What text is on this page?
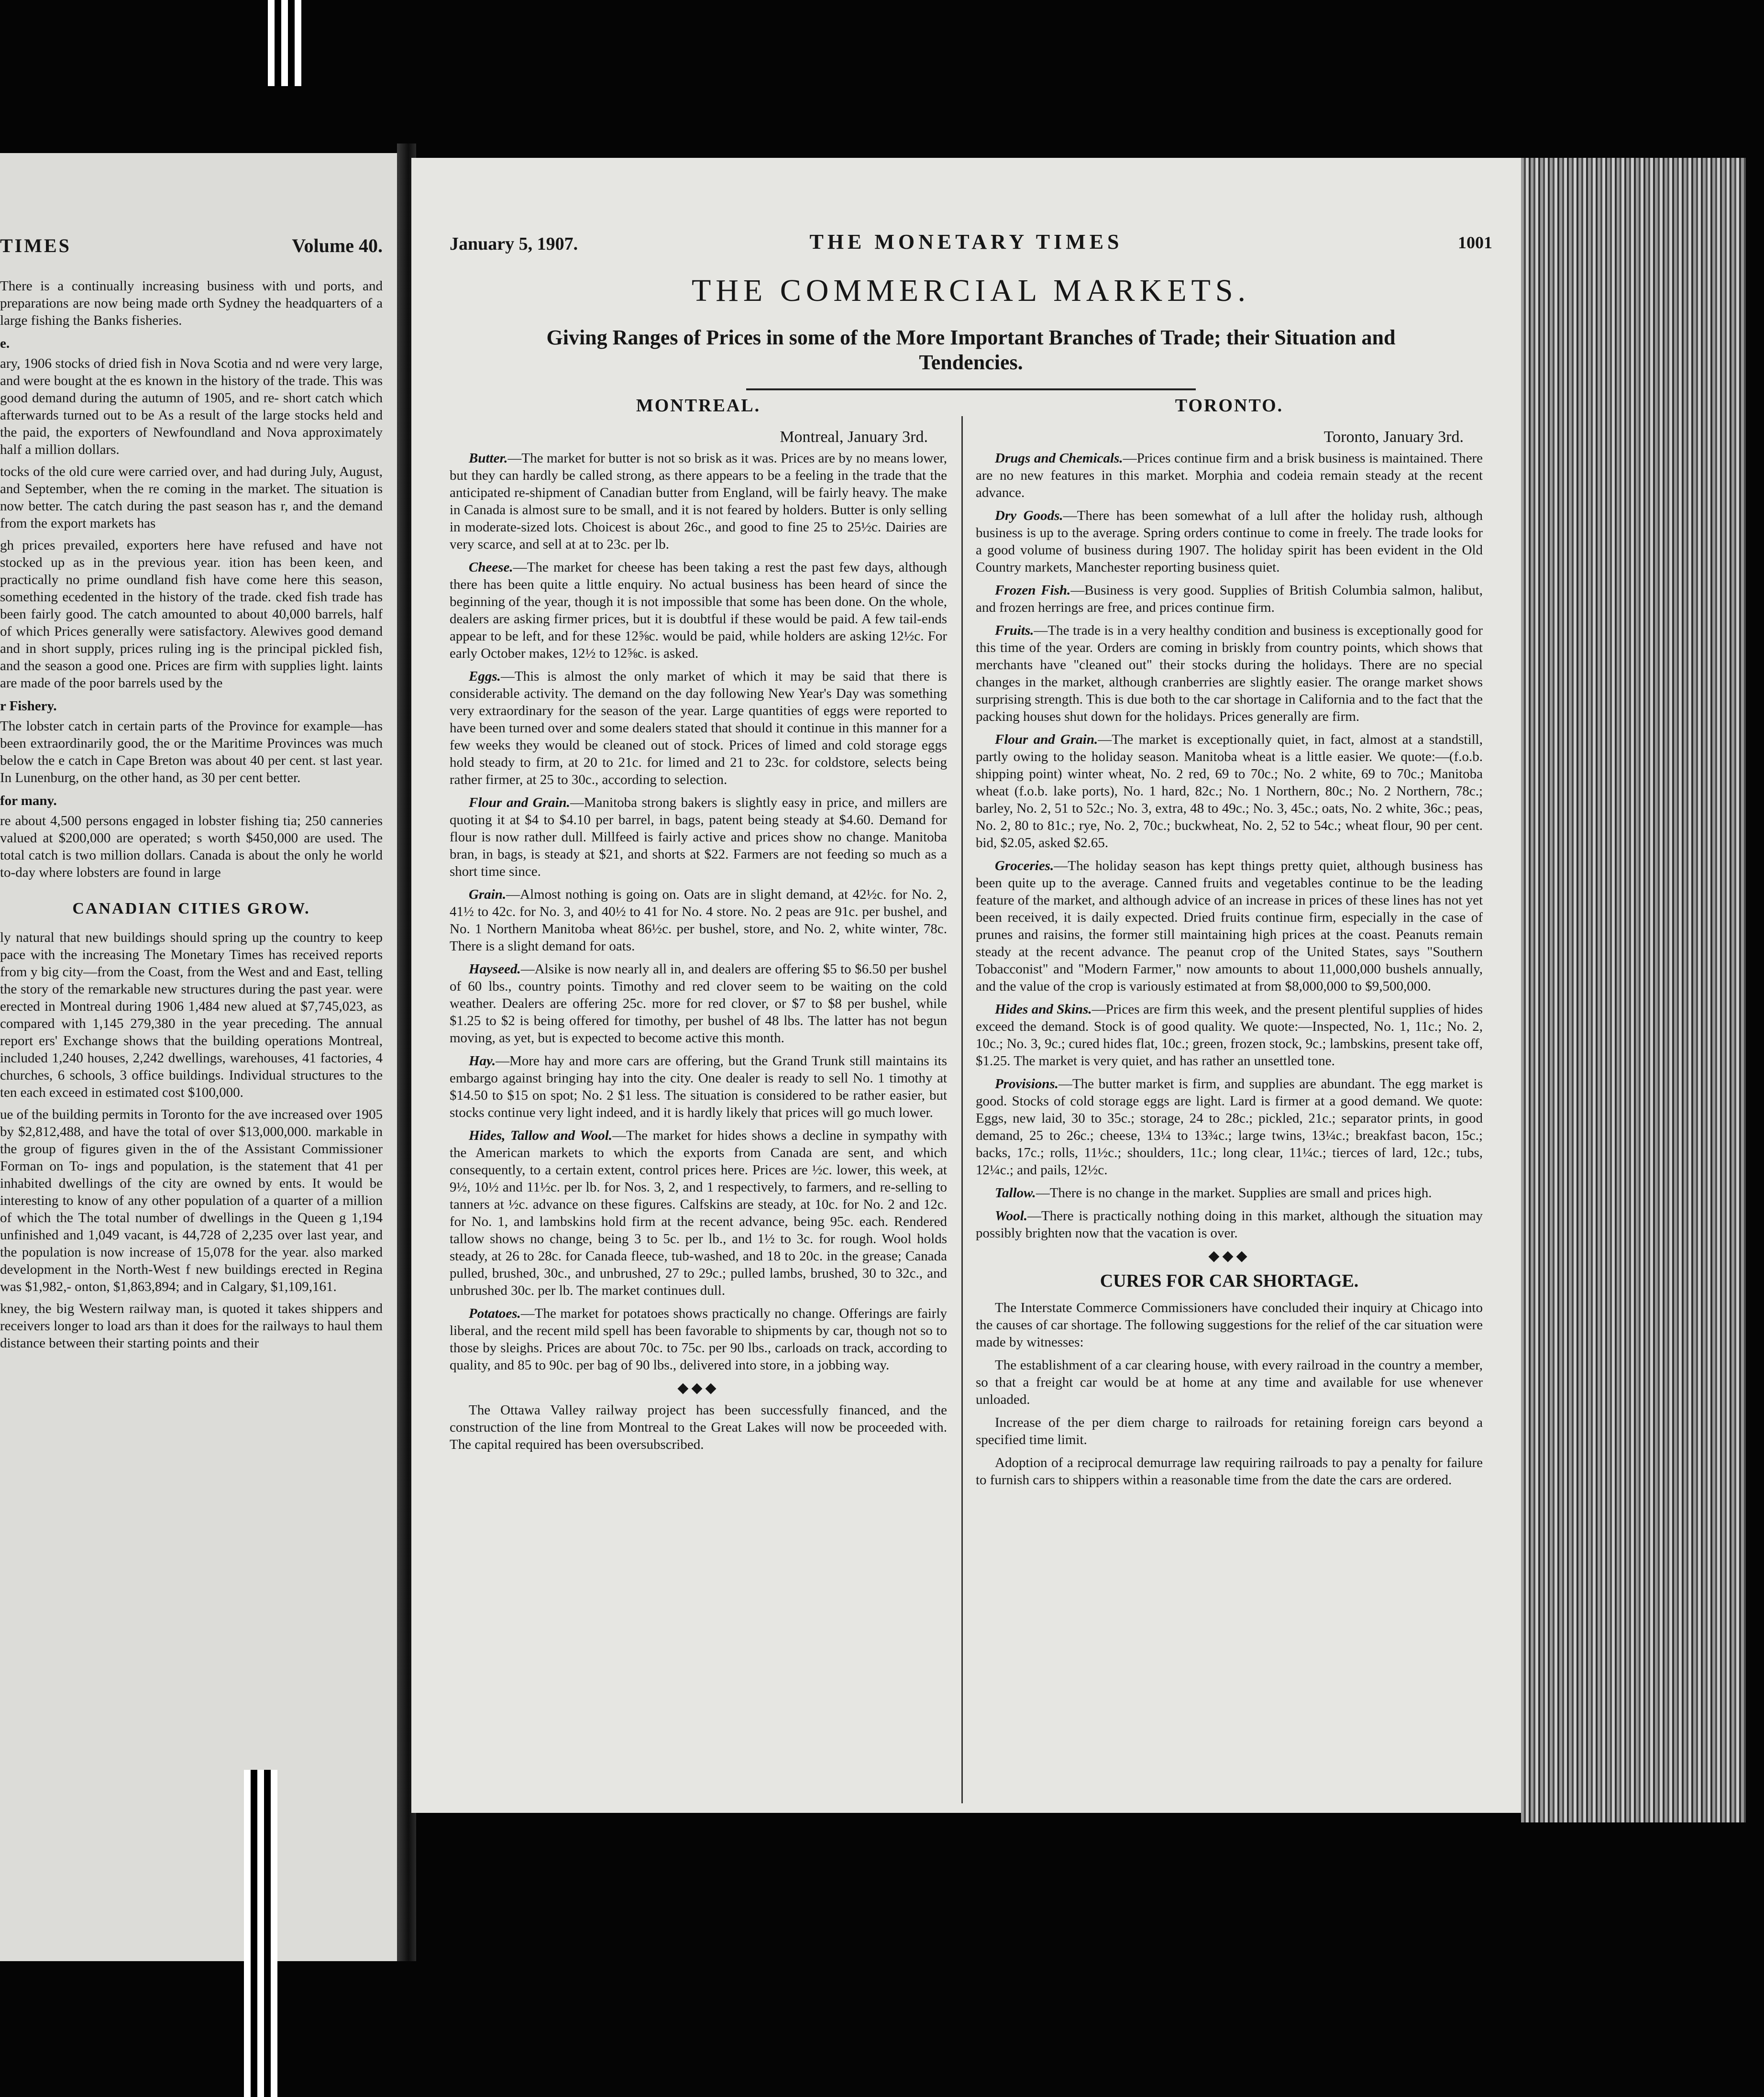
TIMES	Volume 40.

There is a continually increasing business with und ports, and preparations are now being made orth Sydney the headquarters of a large fishing the Banks fisheries.

e.

ary, 1906 stocks of dried fish in Nova Scotia and nd were very large, and were bought at the es known in the history of the trade. This was good demand during the autumn of 1905, and re- short catch which afterwards turned out to be As a result of the large stocks held and the paid, the exporters of Newfoundland and Nova approximately half a million dollars.

tocks of the old cure were carried over, and had during July, August, and September, when the re coming in the market. The situation is now better. The catch during the past season has r, and the demand from the export markets has

gh prices prevailed, exporters here have refused and have not stocked up as in the previous year. ition has been keen, and practically no prime oundland fish have come here this season, something ecedented in the history of the trade. cked fish trade has been fairly good. The catch amounted to about 40,000 barrels, half of which Prices generally were satisfactory. Alewives good demand and in short supply, prices ruling ing is the principal pickled fish, and the season a good one. Prices are firm with supplies light. laints are made of the poor barrels used by the

r Fishery.

The lobster catch in certain parts of the Province for example—has been extraordinarily good, the or the Maritime Provinces was much below the e catch in Cape Breton was about 40 per cent. st last year. In Lunenburg, on the other hand, as 30 per cent better.

for many.

re about 4,500 persons engaged in lobster fishing tia; 250 canneries valued at $200,000 are operated; s worth $450,000 are used. The total catch is two million dollars. Canada is about the only he world to-day where lobsters are found in large

CANADIAN CITIES GROW.

ly natural that new buildings should spring up the country to keep pace with the increasing The Monetary Times has received reports from y big city—from the Coast, from the West and and East, telling the story of the remarkable new structures during the past year. were erected in Montreal during 1906 1,484 new alued at $7,745,023, as compared with 1,145 279,380 in the year preceding. The annual report ers' Exchange shows that the building operations Montreal, included 1,240 houses, 2,242 dwellings, warehouses, 41 factories, 4 churches, 6 schools, 3 office buildings. Individual structures to the ten each exceed in estimated cost $100,000.

ue of the building permits in Toronto for the ave increased over 1905 by $2,812,488, and have the total of over $13,000,000. markable in the group of figures given in the of the Assistant Commissioner Forman on To- ings and population, is the statement that 41 per inhabited dwellings of the city are owned by ents. It would be interesting to know of any other population of a quarter of a million of which the The total number of dwellings in the Queen g 1,194 unfinished and 1,049 vacant, is 44,728 of 2,235 over last year, and the population is now increase of 15,078 for the year. also marked development in the North-West f new buildings erected in Regina was $1,982,- onton, $1,863,894; and in Calgary, $1,109,161.

kney, the big Western railway man, is quoted it takes shippers and receivers longer to load ars than it does for the railways to haul them distance between their starting points and their

January 5, 1907.	THE MONETARY TIMES	1001
THE COMMERCIAL MARKETS.
Giving Ranges of Prices in some of the More Important Branches of Trade; their Situation and Tendencies.
MONTREAL.
Montreal, January 3rd.

Butter.—The market for butter is not so brisk as it was. Prices are by no means lower, but they can hardly be called strong, as there appears to be a feeling in the trade that the anticipated re-shipment of Canadian butter from England, will be fairly heavy. The make in Canada is almost sure to be small, and it is not feared by holders. Butter is only selling in moderate-sized lots. Choicest is about 26c., and good to fine 25 to 25½c. Dairies are very scarce, and sell at at to 23c. per lb.

Cheese.—The market for cheese has been taking a rest the past few days, although there has been quite a little enquiry. No actual business has been heard of since the beginning of the year, though it is not impossible that some has been done. On the whole, dealers are asking firmer prices, but it is doubtful if these would be paid. A few tail-ends appear to be left, and for these 12⅝c. would be paid, while holders are asking 12½c. For early October makes, 12½ to 12⅝c. is asked.

Eggs.—This is almost the only market of which it may be said that there is considerable activity. The demand on the day following New Year's Day was something very extraordinary for the season of the year. Large quantities of eggs were reported to have been turned over and some dealers stated that should it continue in this manner for a few weeks they would be cleaned out of stock. Prices of limed and cold storage eggs hold steady to firm, at 20 to 21c. for limed and 21 to 23c. for coldstore, selects being rather firmer, at 25 to 30c., according to selection.

Flour and Grain.—Manitoba strong bakers is slightly easy in price, and millers are quoting it at $4 to $4.10 per barrel, in bags, patent being steady at $4.60. Demand for flour is now rather dull. Millfeed is fairly active and prices show no change. Manitoba bran, in bags, is steady at $21, and shorts at $22. Farmers are not feeding so much as a short time since.

Grain.—Almost nothing is going on. Oats are in slight demand, at 42½c. for No. 2, 41½ to 42c. for No. 3, and 40½ to 41 for No. 4 store. No. 2 peas are 91c. per bushel, and No. 1 Northern Manitoba wheat 86½c. per bushel, store, and No. 2, white winter, 78c. There is a slight demand for oats.

Hayseed.—Alsike is now nearly all in, and dealers are offering $5 to $6.50 per bushel of 60 lbs., country points. Timothy and red clover seem to be waiting on the cold weather. Dealers are offering 25c. more for red clover, or $7 to $8 per bushel, while $1.25 to $2 is being offered for timothy, per bushel of 48 lbs. The latter has not begun moving, as yet, but is expected to become active this month.

Hay.—More hay and more cars are offering, but the Grand Trunk still maintains its embargo against bringing hay into the city. One dealer is ready to sell No. 1 timothy at $14.50 to $15 on spot; No. 2 $1 less. The situation is considered to be rather easier, but stocks continue very light indeed, and it is hardly likely that prices will go much lower.

Hides, Tallow and Wool.—The market for hides shows a decline in sympathy with the American markets to which the exports from Canada are sent, and which consequently, to a certain extent, control prices here. Prices are ½c. lower, this week, at 9½, 10½ and 11½c. per lb. for Nos. 3, 2, and 1 respectively, to farmers, and re-selling to tanners at ½c. advance on these figures. Calfskins are steady, at 10c. for No. 2 and 12c. for No. 1, and lambskins hold firm at the recent advance, being 95c. each. Rendered tallow shows no change, being 3 to 5c. per lb., and 1½ to 3c. for rough. Wool holds steady, at 26 to 28c. for Canada fleece, tub-washed, and 18 to 20c. in the grease; Canada pulled, brushed, 30c., and unbrushed, 27 to 29c.; pulled lambs, brushed, 30 to 32c., and unbrushed 30c. per lb. The market continues dull.

Potatoes.—The market for potatoes shows practically no change. Offerings are fairly liberal, and the recent mild spell has been favorable to shipments by car, though not so to those by sleighs. Prices are about 70c. to 75c. per 90 lbs., carloads on track, according to quality, and 85 to 90c. per bag of 90 lbs., delivered into store, in a jobbing way.

◆◆◆

The Ottawa Valley railway project has been successfully financed, and the construction of the line from Montreal to the Great Lakes will now be proceeded with. The capital required has been oversubscribed.

TORONTO.
Toronto, January 3rd.

Drugs and Chemicals.—Prices continue firm and a brisk business is maintained. There are no new features in this market. Morphia and codeia remain steady at the recent advance.

Dry Goods.—There has been somewhat of a lull after the holiday rush, although business is up to the average. Spring orders continue to come in freely. The trade looks for a good volume of business during 1907. The holiday spirit has been evident in the Old Country markets, Manchester reporting business quiet.

Frozen Fish.—Business is very good. Supplies of British Columbia salmon, halibut, and frozen herrings are free, and prices continue firm.

Fruits.—The trade is in a very healthy condition and business is exceptionally good for this time of the year. Orders are coming in briskly from country points, which shows that merchants have "cleaned out" their stocks during the holidays. There are no special changes in the market, although cranberries are slightly easier. The orange market shows surprising strength. This is due both to the car shortage in California and to the fact that the packing houses shut down for the holidays. Prices generally are firm.

Flour and Grain.—The market is exceptionally quiet, in fact, almost at a standstill, partly owing to the holiday season. Manitoba wheat is a little easier. We quote:—(f.o.b. shipping point) winter wheat, No. 2 red, 69 to 70c.; No. 2 white, 69 to 70c.; Manitoba wheat (f.o.b. lake ports), No. 1 hard, 82c.; No. 1 Northern, 80c.; No. 2 Northern, 78c.; barley, No. 2, 51 to 52c.; No. 3, extra, 48 to 49c.; No. 3, 45c.; oats, No. 2 white, 36c.; peas, No. 2, 80 to 81c.; rye, No. 2, 70c.; buckwheat, No. 2, 52 to 54c.; wheat flour, 90 per cent. bid, $2.05, asked $2.65.

Groceries.—The holiday season has kept things pretty quiet, although business has been quite up to the average. Canned fruits and vegetables continue to be the leading feature of the market, and although advice of an increase in prices of these lines has not yet been received, it is daily expected. Dried fruits continue firm, especially in the case of prunes and raisins, the former still maintaining high prices at the coast. Peanuts remain steady at the recent advance. The peanut crop of the United States, says "Southern Tobacconist" and "Modern Farmer," now amounts to about 11,000,000 bushels annually, and the value of the crop is variously estimated at from $8,000,000 to $9,500,000.

Hides and Skins.—Prices are firm this week, and the present plentiful supplies of hides exceed the demand. Stock is of good quality. We quote:—Inspected, No. 1, 11c.; No. 2, 10c.; No. 3, 9c.; cured hides flat, 10c.; green, frozen stock, 9c.; lambskins, present take off, $1.25. The market is very quiet, and has rather an unsettled tone.

Provisions.—The butter market is firm, and supplies are abundant. The egg market is good. Stocks of cold storage eggs are light. Lard is firmer at a good demand. We quote: Eggs, new laid, 30 to 35c.; storage, 24 to 28c.; pickled, 21c.; separator prints, in good demand, 25 to 26c.; cheese, 13¼ to 13¾c.; large twins, 13¼c.; breakfast bacon, 15c.; backs, 17c.; rolls, 11½c.; shoulders, 11c.; long clear, 11¼c.; tierces of lard, 12c.; tubs, 12¼c.; and pails, 12½c.

Tallow.—There is no change in the market. Supplies are small and prices high.

Wool.—There is practically nothing doing in this market, although the situation may possibly brighten now that the vacation is over.

◆◆◆
CURES FOR CAR SHORTAGE.

The Interstate Commerce Commissioners have concluded their inquiry at Chicago into the causes of car shortage. The following suggestions for the relief of the car situation were made by witnesses:

The establishment of a car clearing house, with every railroad in the country a member, so that a freight car would be at home at any time and available for use whenever unloaded.

Increase of the per diem charge to railroads for retaining foreign cars beyond a specified time limit.

Adoption of a reciprocal demurrage law requiring railroads to pay a penalty for failure to furnish cars to shippers within a reasonable time from the date the cars are ordered.
